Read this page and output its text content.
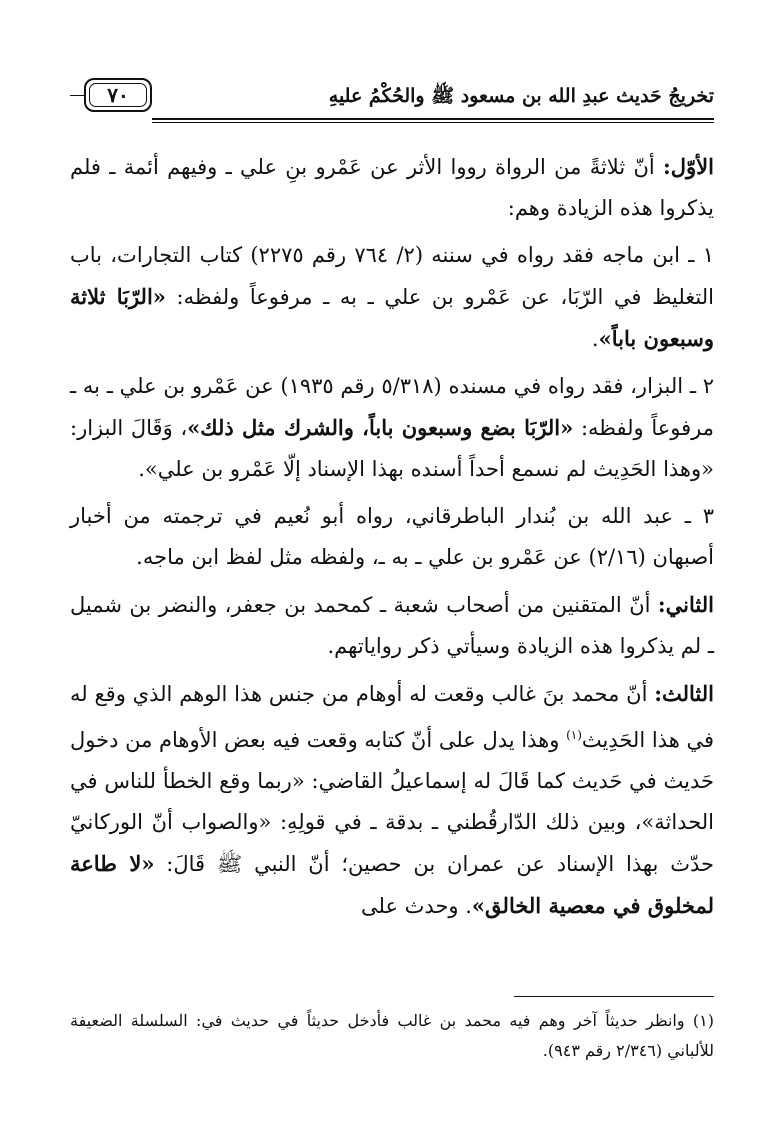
تخريجُ حَديث عبدِ الله بن مسعود ﷺ والحُكْمُ عليهِ
٧٠

الأوّل: أنّ ثلاثةً من الرواة رووا الأثر عن عَمْرو بنِ علي ـ وفيهم أئمة ـ فلم يذكروا هذه الزيادة وهم:

١ ـ ابن ماجه فقد رواه في سننه (٢/ ٧٦٤ رقم ٢٢٧٥) كتاب التجارات، باب التغليظ في الرّبَا، عن عَمْرو بن علي ـ به ـ مرفوعاً ولفظه: «الرّبَا ثلاثة وسبعون باباً».

٢ ـ البزار، فقد رواه في مسنده (٥/٣١٨ رقم ١٩٣٥) عن عَمْرو بن علي ـ به ـ مرفوعاً ولفظه: «الرّبَا بضع وسبعون باباً، والشرك مثل ذلك»، وَقَالَ البزار: «وهذا الحَدِيث لم نسمع أحداً أسنده بهذا الإسناد إلّا عَمْرو بن علي».

٣ ـ عبد الله بن بُندار الباطرقاني، رواه أبو نُعيم في ترجمته من أخبار أصبهان (٢/١٦) عن عَمْرو بن علي ـ به ـ، ولفظه مثل لفظ ابن ماجه.

الثاني: أنّ المتقنين من أصحاب شعبة ـ كمحمد بن جعفر، والنضر بن شميل ـ لم يذكروا هذه الزيادة وسيأتي ذكر رواياتهم.

الثالث: أنّ محمد بنَ غالب وقعت له أوهام من جنس هذا الوهم الذي وقع له في هذا الحَدِيث$^{(١)}$ وهذا يدل على أنّ كتابه وقعت فيه بعض الأوهام من دخول حَديث في حَديث كما قَالَ له إسماعيلُ القاضي: «ربما وقع الخطأ للناس في الحداثة»، وبين ذلك الدّارقُطني ـ بدقة ـ في قولِهِ: «والصواب أنّ الوركانيّ حدّث بهذا الإسناد عن عمران بن حصين؛ أنّ النبي ﷺ قَالَ: «لا طاعة لمخلوق في معصية الخالق». وحدث على

(١) وانظر حديثاً آخر وهم فيه محمد بن غالب فأدخل حديثاً في حديث في: السلسلة الضعيفة للألباني (٢/٣٤٦ رقم ٩٤٣).
